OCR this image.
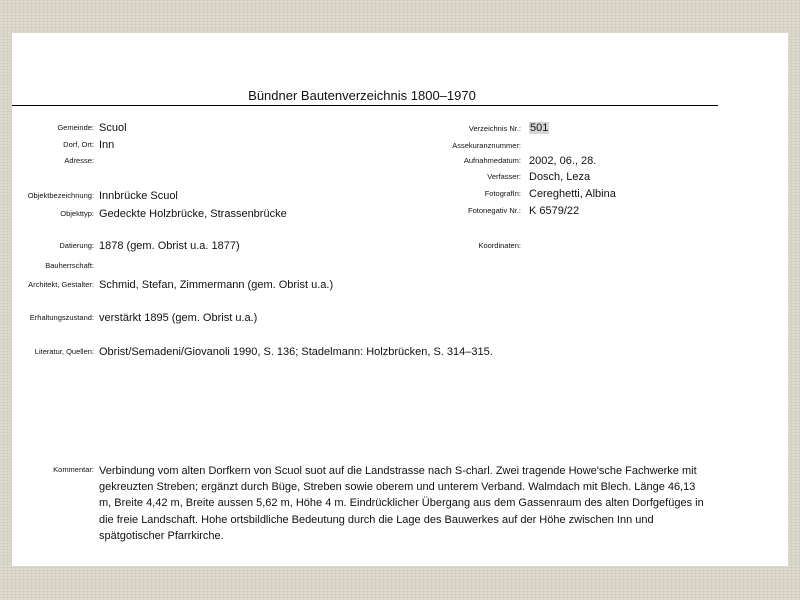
Bündner Bautenverzeichnis 1800–1970
Gemeinde:
Dorf, Ort:
Adresse:
Objektbezeichnung:
Objekttyp:
Datierung:
Bauherrschaft:
Architekt, Gestalter:
Erhaltungszustand:
Literatur, Quellen:
Scuol
Inn
Innbrücke Scuol
Gedeckte Holzbrücke, Strassenbrücke
1878 (gem. Obrist u.a. 1877)
Schmid, Stefan, Zimmermann (gem. Obrist u.a.)
verstärkt 1895 (gem. Obrist u.a.)
Obrist/Semadeni/Giovanoli 1990, S. 136; Stadelmann: Holzbrücken, S. 314–315.
Verzeichnis Nr.:
Assekuranznummer:
Aufnahmedatum:
Verfasser:
FotografIn:
Fotonegativ Nr.:
Koordinaten:
501
2002, 06., 28.
Dosch, Leza
Cereghetti, Albina
K 6579/22
Kommentar: Verbindung vom alten Dorfkern von Scuol suot auf die Landstrasse nach S-charl. Zwei tragende Howe'sche Fachwerke mit gekreuzten Streben; ergänzt durch Büge, Streben sowie oberem und unterem Verband. Walmdach mit Blech. Länge 46,13 m, Breite 4,42 m, Breite aussen 5,62 m, Höhe 4 m. Eindrücklicher Übergang aus dem Gassenraum des alten Dorfgefüges in die freie Landschaft. Hohe ortsbildliche Bedeutung durch die Lage des Bauwerkes auf der Höhe zwischen Inn und spätgotischer Pfarrkirche.
